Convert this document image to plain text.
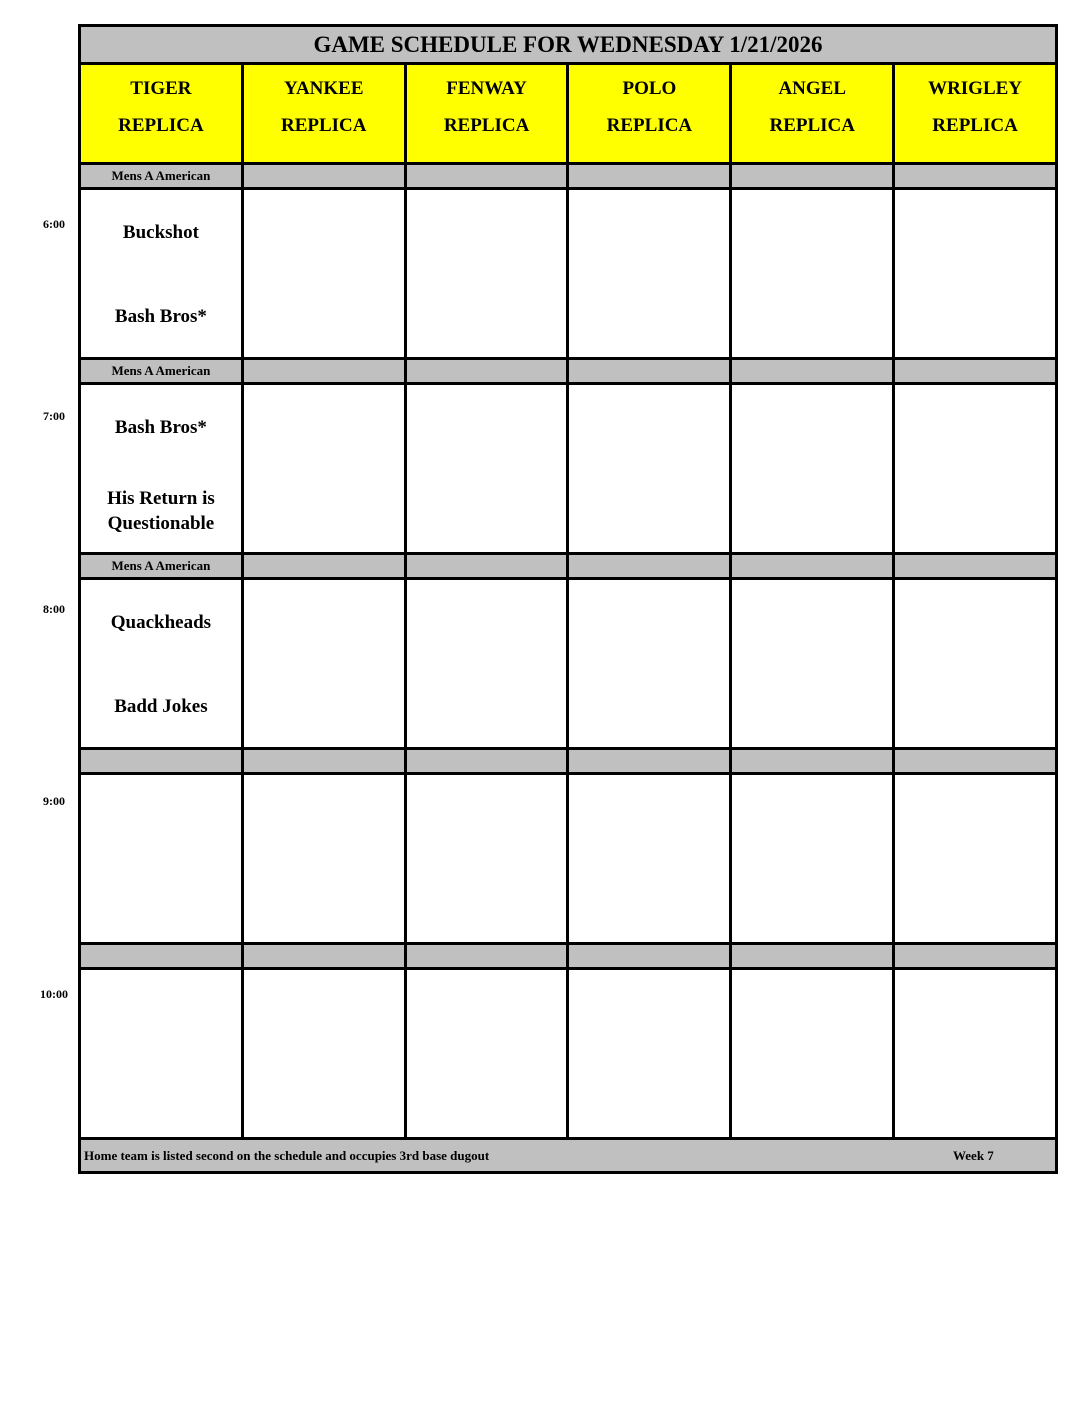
6:00
7:00
8:00
9:00
10:00
GAME SCHEDULE FOR WEDNESDAY 1/21/2026
TIGER
REPLICA
YANKEE
REPLICA
FENWAY
REPLICA
POLO
REPLICA
ANGEL
REPLICA
WRIGLEY
REPLICA
Mens A American
Buckshot
Bash Bros*
Mens A American
Bash Bros*
His Return is Questionable
Mens A American
Quackheads
Badd Jokes
Home team is listed second on the schedule and occupies 3rd base dugout	Week 7
